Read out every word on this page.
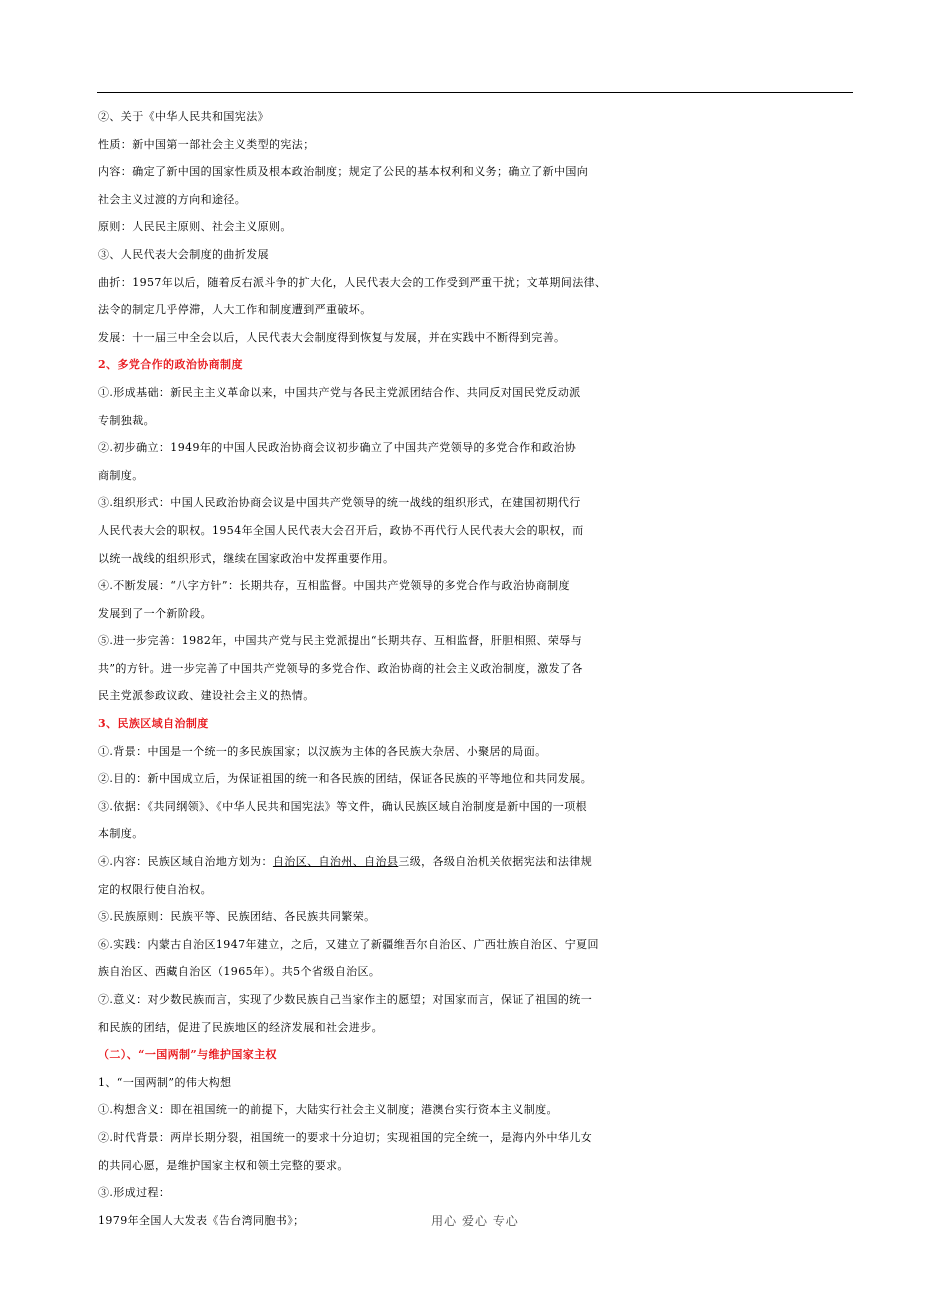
②、关于《中华人民共和国宪法》
性质：新中国第一部社会主义类型的宪法；
内容：确定了新中国的国家性质及根本政治制度；规定了公民的基本权利和义务；确立了新中国向
社会主义过渡的方向和途径。
原则：人民民主原则、社会主义原则。
③、人民代表大会制度的曲折发展
曲折：1957年以后，随着反右派斗争的扩大化，人民代表大会的工作受到严重干扰；文革期间法律、
法令的制定几乎停滞，人大工作和制度遭到严重破坏。
发展：十一届三中全会以后，人民代表大会制度得到恢复与发展，并在实践中不断得到完善。
2、多党合作的政治协商制度
①.形成基础：新民主主义革命以来，中国共产党与各民主党派团结合作、共同反对国民党反动派
专制独裁。
②.初步确立：1949年的中国人民政治协商会议初步确立了中国共产党领导的多党合作和政治协
商制度。
③.组织形式：中国人民政治协商会议是中国共产党领导的统一战线的组织形式，在建国初期代行
人民代表大会的职权。1954年全国人民代表大会召开后，政协不再代行人民代表大会的职权，而
以统一战线的组织形式，继续在国家政治中发挥重要作用。
④.不断发展：“八字方针”：长期共存，互相监督。中国共产党领导的多党合作与政治协商制度
发展到了一个新阶段。
⑤.进一步完善：1982年，中国共产党与民主党派提出“长期共存、互相监督，肝胆相照、荣辱与
共”的方针。进一步完善了中国共产党领导的多党合作、政治协商的社会主义政治制度，激发了各
民主党派参政议政、建设社会主义的热情。
3、民族区域自治制度
①.背景：中国是一个统一的多民族国家；以汉族为主体的各民族大杂居、小聚居的局面。
②.目的：新中国成立后，为保证祖国的统一和各民族的团结，保证各民族的平等地位和共同发展。
③.依据：《共同纲领》、《中华人民共和国宪法》等文件，确认民族区域自治制度是新中国的一项根
本制度。
④.内容：民族区域自治地方划为：自治区、自治州、自治县三级，各级自治机关依据宪法和法律规
定的权限行使自治权。
⑤.民族原则：民族平等、民族团结、各民族共同繁荣。
⑥.实践：内蒙古自治区1947年建立，之后，又建立了新疆维吾尔自治区、广西壮族自治区、宁夏回
族自治区、西藏自治区（1965年）。共5个省级自治区。
⑦.意义：对少数民族而言，实现了少数民族自己当家作主的愿望；对国家而言，保证了祖国的统一
和民族的团结，促进了民族地区的经济发展和社会进步。
（二）、“一国两制”与维护国家主权
1、“一国两制”的伟大构想
①.构想含义：即在祖国统一的前提下，大陆实行社会主义制度；港澳台实行资本主义制度。
②.时代背景：两岸长期分裂，祖国统一的要求十分迫切；实现祖国的完全统一，是海内外中华儿女
的共同心愿，是维护国家主权和领土完整的要求。
③.形成过程：
1979年全国人大发表《告台湾同胞书》；	用心 爱心 专心
